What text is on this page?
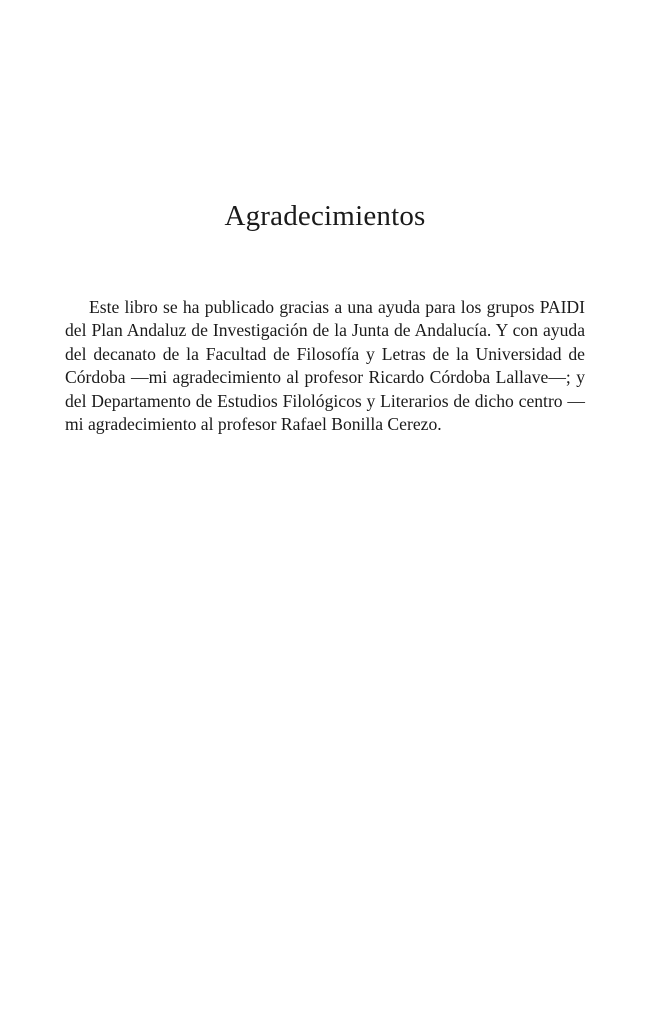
Agradecimientos

Este libro se ha publicado gracias a una ayuda para los grupos PAIDI del Plan Andaluz de Investigación de la Junta de Andalucía. Y con ayuda del decanato de la Facultad de Filosofía y Letras de la Universidad de Córdoba —mi agradecimiento al profesor Ricardo Córdoba Lallave—; y del Departamento de Estudios Filológicos y Literarios de dicho centro —mi agradecimiento al profesor Rafael Bonilla Cerezo.
